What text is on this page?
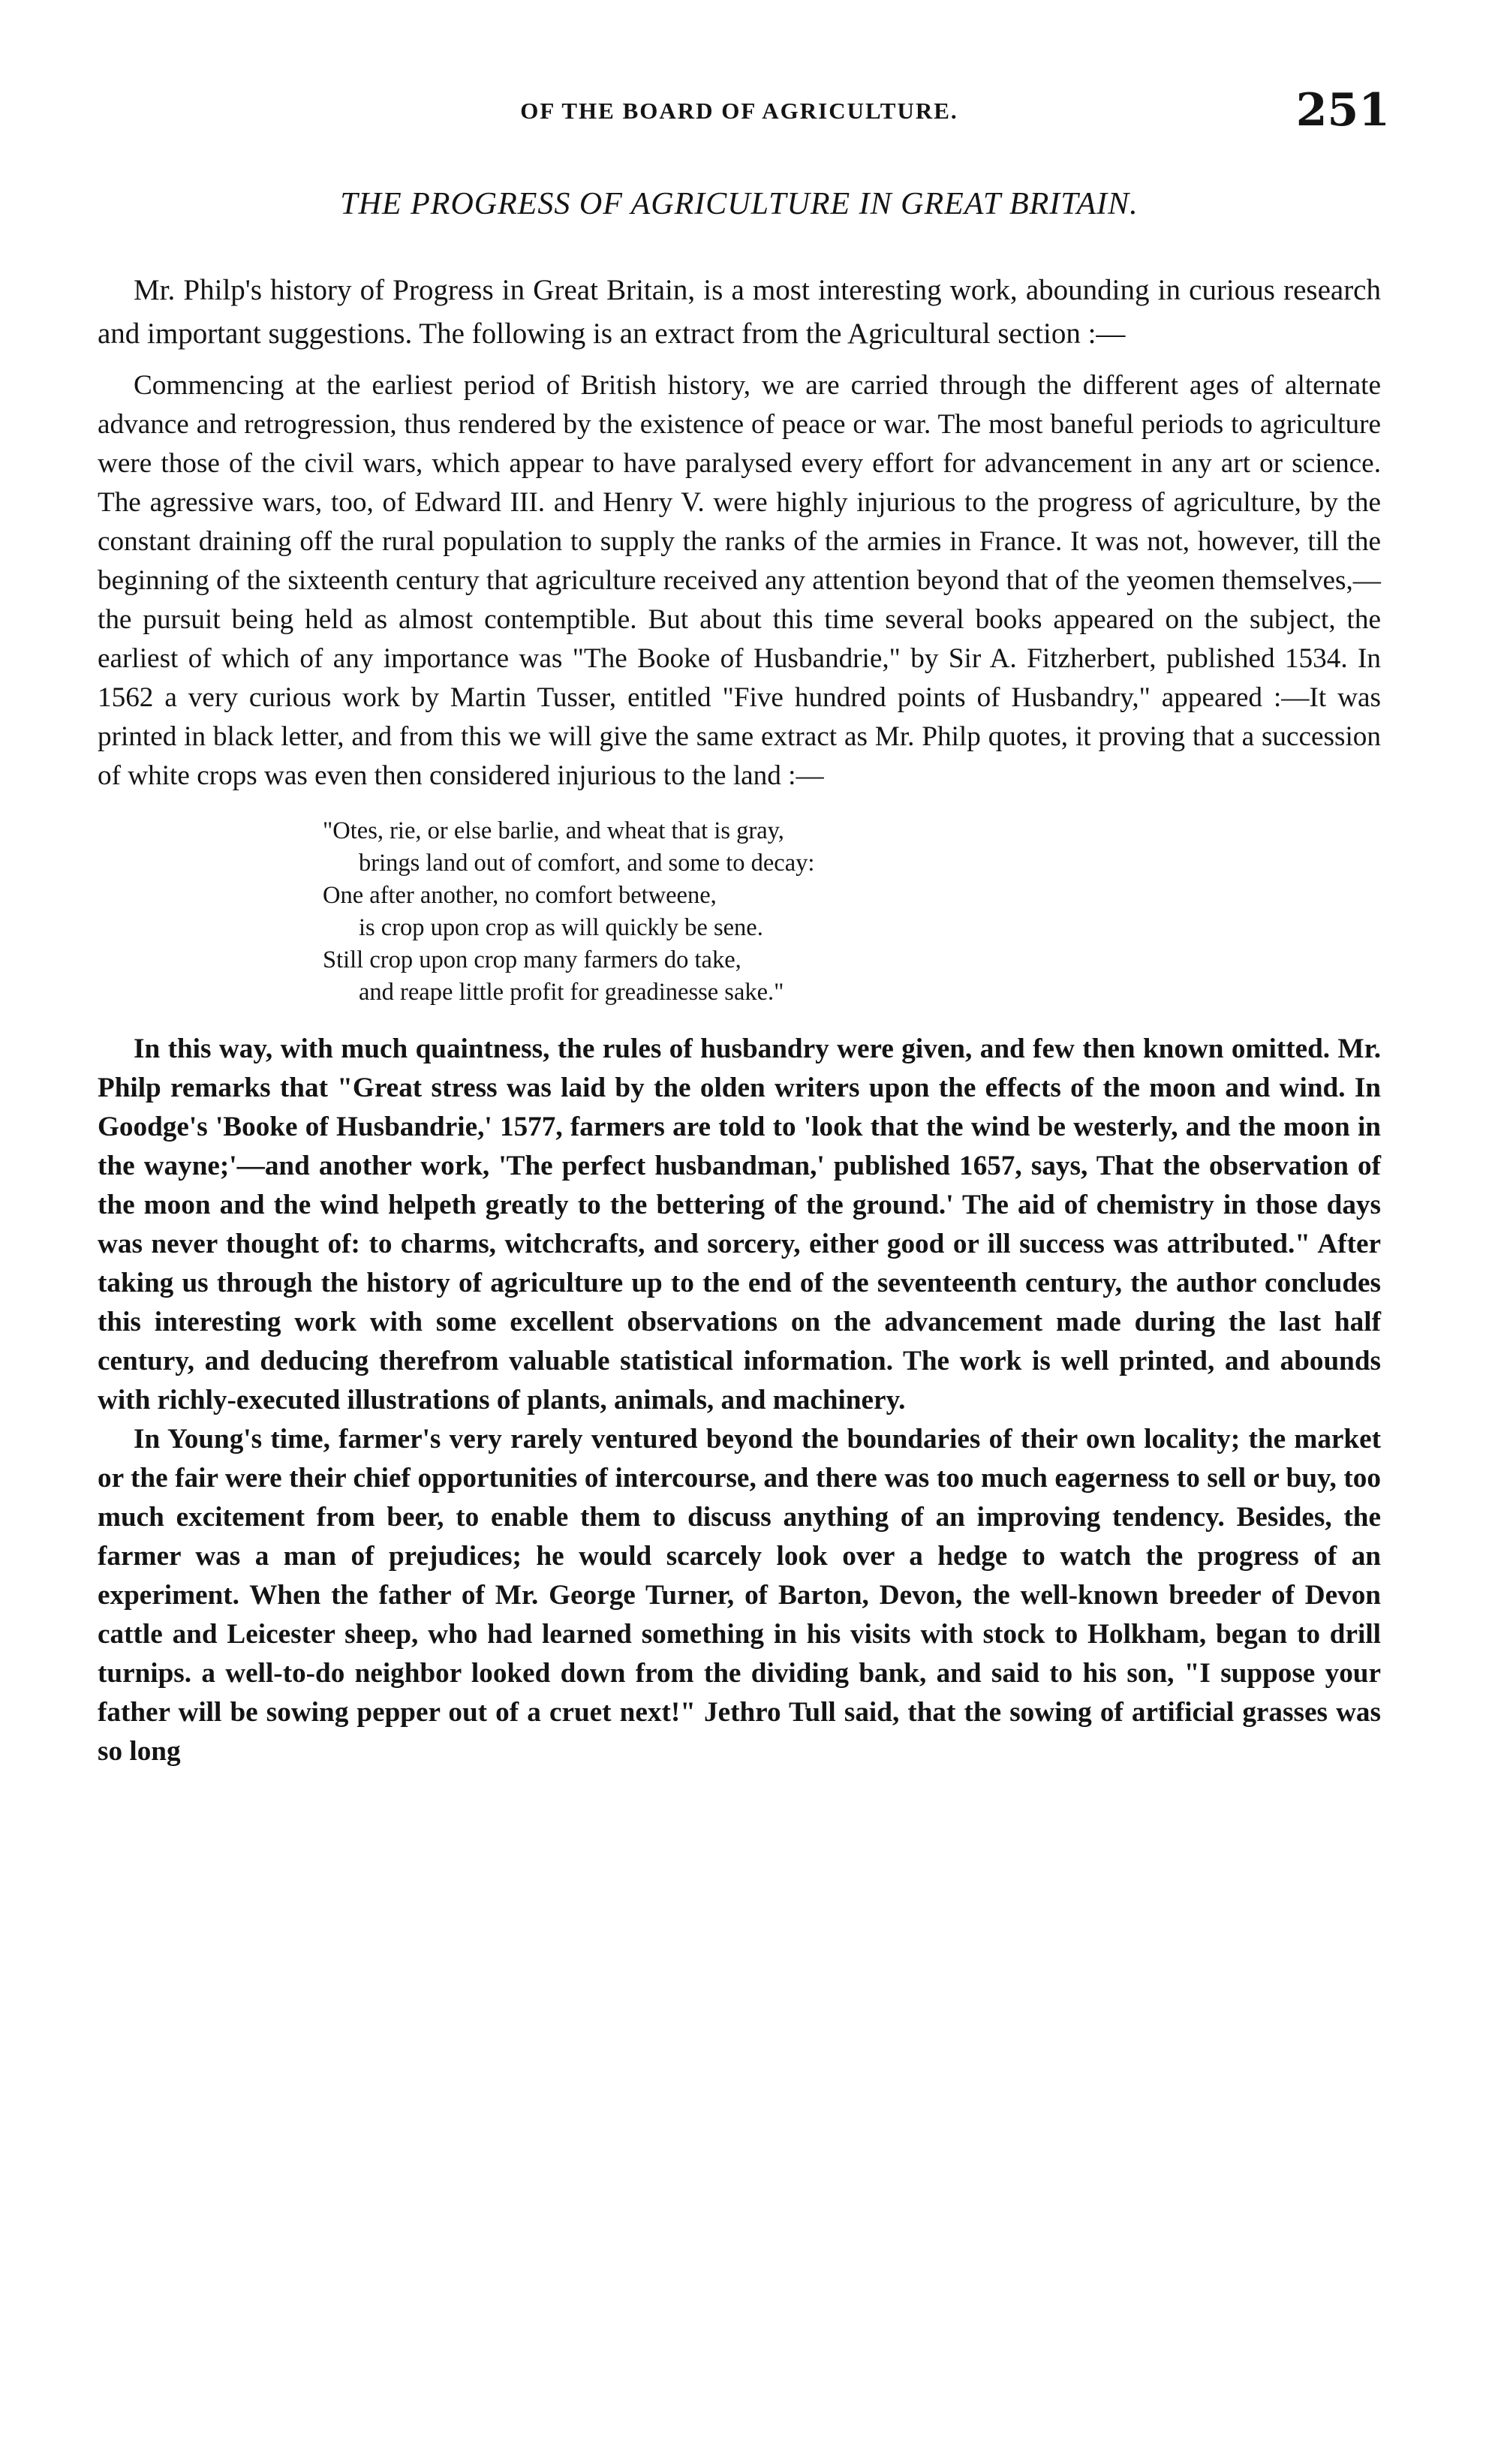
OF THE BOARD OF AGRICULTURE.	251
THE PROGRESS OF AGRICULTURE IN GREAT BRITAIN.

Mr. Philp's history of Progress in Great Britain, is a most interesting work, abounding in curious research and important suggestions. The following is an extract from the Agricultural section :—

Commencing at the earliest period of British history, we are carried through the different ages of alternate advance and retrogression, thus rendered by the existence of peace or war. The most baneful periods to agriculture were those of the civil wars, which appear to have paralysed every effort for advancement in any art or science. The agressive wars, too, of Edward III. and Henry V. were highly injurious to the progress of agriculture, by the constant draining off the rural population to supply the ranks of the armies in France. It was not, however, till the beginning of the sixteenth century that agriculture received any attention beyond that of the yeomen themselves,—the pursuit being held as almost contemptible. But about this time several books appeared on the subject, the earliest of which of any importance was "The Booke of Husbandrie," by Sir A. Fitzherbert, published 1534. In 1562 a very curious work by Martin Tusser, entitled "Five hundred points of Husbandry," appeared :—It was printed in black letter, and from this we will give the same extract as Mr. Philp quotes, it proving that a succession of white crops was even then considered injurious to the land :—

"Otes, rie, or else barlie, and wheat that is gray,
brings land out of comfort, and some to decay:
One after another, no comfort betweene,
is crop upon crop as will quickly be sene.
Still crop upon crop many farmers do take,
and reape little profit for greadinesse sake."

In this way, with much quaintness, the rules of husbandry were given, and few then known omitted. Mr. Philp remarks that "Great stress was laid by the olden writers upon the effects of the moon and wind. In Goodge's 'Booke of Husbandrie,' 1577, farmers are told to 'look that the wind be westerly, and the moon in the wayne;'—and another work, 'The perfect husbandman,' published 1657, says, That the observation of the moon and the wind helpeth greatly to the bettering of the ground.' The aid of chemistry in those days was never thought of: to charms, witchcrafts, and sorcery, either good or ill success was attributed." After taking us through the history of agriculture up to the end of the seventeenth century, the author concludes this interesting work with some excellent observations on the advancement made during the last half century, and deducing therefrom valuable statistical information. The work is well printed, and abounds with richly-executed illustrations of plants, animals, and machinery.

In Young's time, farmer's very rarely ventured beyond the boundaries of their own locality; the market or the fair were their chief opportunities of intercourse, and there was too much eagerness to sell or buy, too much excitement from beer, to enable them to discuss anything of an improving tendency. Besides, the farmer was a man of prejudices; he would scarcely look over a hedge to watch the progress of an experiment. When the father of Mr. George Turner, of Barton, Devon, the well-known breeder of Devon cattle and Leicester sheep, who had learned something in his visits with stock to Holkham, began to drill turnips. a well-to-do neighbor looked down from the dividing bank, and said to his son, "I suppose your father will be sowing pepper out of a cruet next!" Jethro Tull said, that the sowing of artificial grasses was so long
